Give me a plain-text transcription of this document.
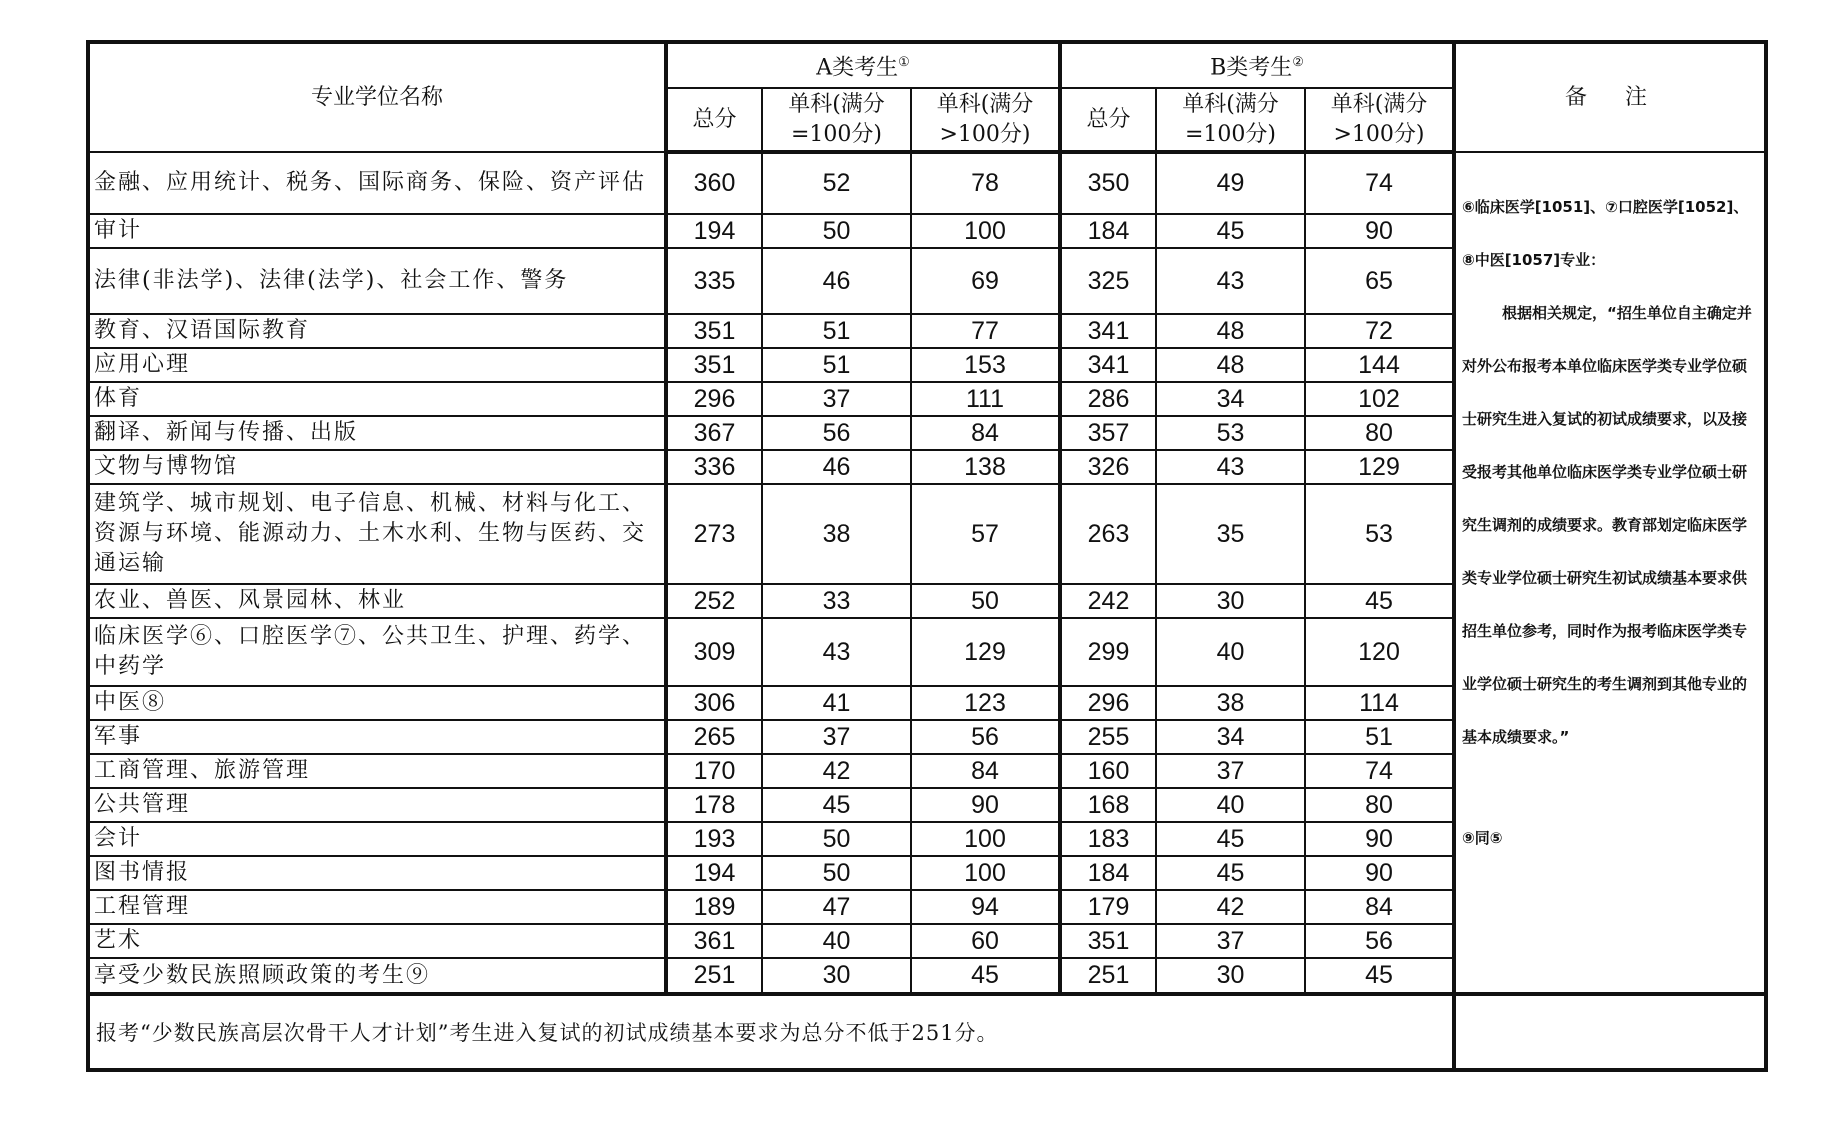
专业学位名称	A类考生①			B类考生②			备　注
	总分	单科(满分=100分)	单科(满分>100分)	总分	单科(满分=100分)	单科(满分>100分)	
金融、应用统计、税务、国际商务、保险、资产评估	360	52	78	350	49	74	⑥临床医学[1051]、⑦口腔医学[1052]、⑧中医[1057]专业：

根据相关规定，“招生单位自主确定并对外公布报考本单位临床医学类专业学位硕士研究生进入复试的初试成绩要求，以及接受报考其他单位临床医学类专业学位硕士研究生调剂的成绩要求。教育部划定临床医学类专业学位硕士研究生初试成绩基本要求供招生单位参考，同时作为报考临床医学类专业学位硕士研究生的考生调剂到其他专业的基本成绩要求。”

⑨同⑤

审计	194	50	100	184	45	90	
法律(非法学)、法律(法学)、社会工作、警务	335	46	69	325	43	65	
教育、汉语国际教育	351	51	77	341	48	72	
应用心理	351	51	153	341	48	144	
体育	296	37	111	286	34	102	
翻译、新闻与传播、出版	367	56	84	357	53	80	
文物与博物馆	336	46	138	326	43	129	
建筑学、城市规划、电子信息、机械、材料与化工、资源与环境、能源动力、土木水利、生物与医药、交通运输	273	38	57	263	35	53	
农业、兽医、风景园林、林业	252	33	50	242	30	45	
临床医学⑥、口腔医学⑦、公共卫生、护理、药学、中药学	309	43	129	299	40	120	
中医⑧	306	41	123	296	38	114	
军事	265	37	56	255	34	51	
工商管理、旅游管理	170	42	84	160	37	74	
公共管理	178	45	90	168	40	80	
会计	193	50	100	183	45	90	
图书情报	194	50	100	184	45	90	
工程管理	189	47	94	179	42	84	
艺术	361	40	60	351	37	56	
享受少数民族照顾政策的考生⑨	251	30	45	251	30	45	
报考“少数民族高层次骨干人才计划”考生进入复试的初试成绩基本要求为总分不低于251分。							
